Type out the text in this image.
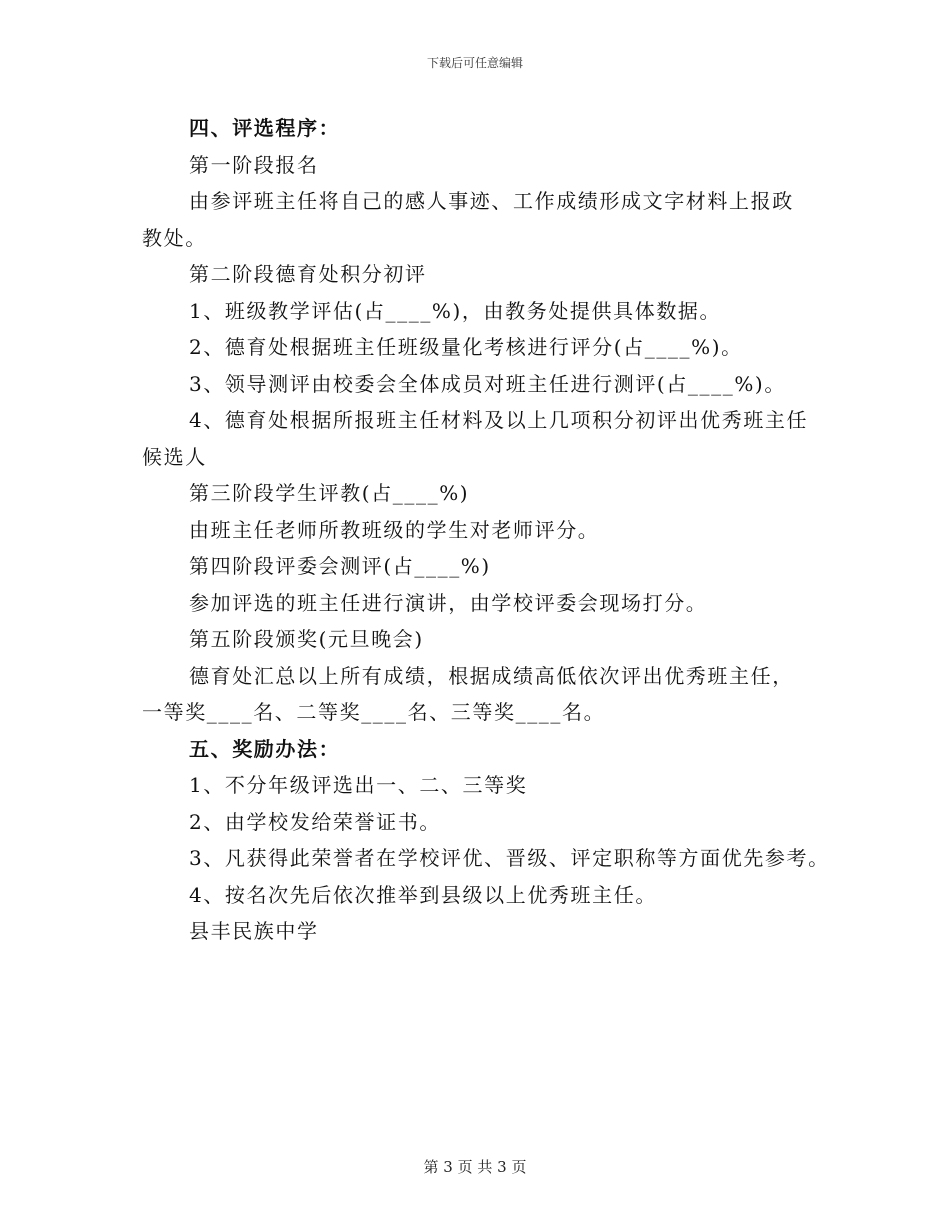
下载后可任意编辑
四、评选程序：
第一阶段报名
由参评班主任将自己的感人事迹、工作成绩形成文字材料上报政
教处。
第二阶段德育处积分初评
1、班级教学评估(占____%)，由教务处提供具体数据。
2、德育处根据班主任班级量化考核进行评分(占____%)。
3、领导测评由校委会全体成员对班主任进行测评(占____%)。
4、德育处根据所报班主任材料及以上几项积分初评出优秀班主任
候选人
第三阶段学生评教(占____%)
由班主任老师所教班级的学生对老师评分。
第四阶段评委会测评(占____%)
参加评选的班主任进行演讲，由学校评委会现场打分。
第五阶段颁奖(元旦晚会)
德育处汇总以上所有成绩，根据成绩高低依次评出优秀班主任，
一等奖____名、二等奖____名、三等奖____名。
五、奖励办法：
1、不分年级评选出一、二、三等奖
2、由学校发给荣誉证书。
3、凡获得此荣誉者在学校评优、晋级、评定职称等方面优先参考。
4、按名次先后依次推举到县级以上优秀班主任。
县丰民族中学
第 3 页 共 3 页
